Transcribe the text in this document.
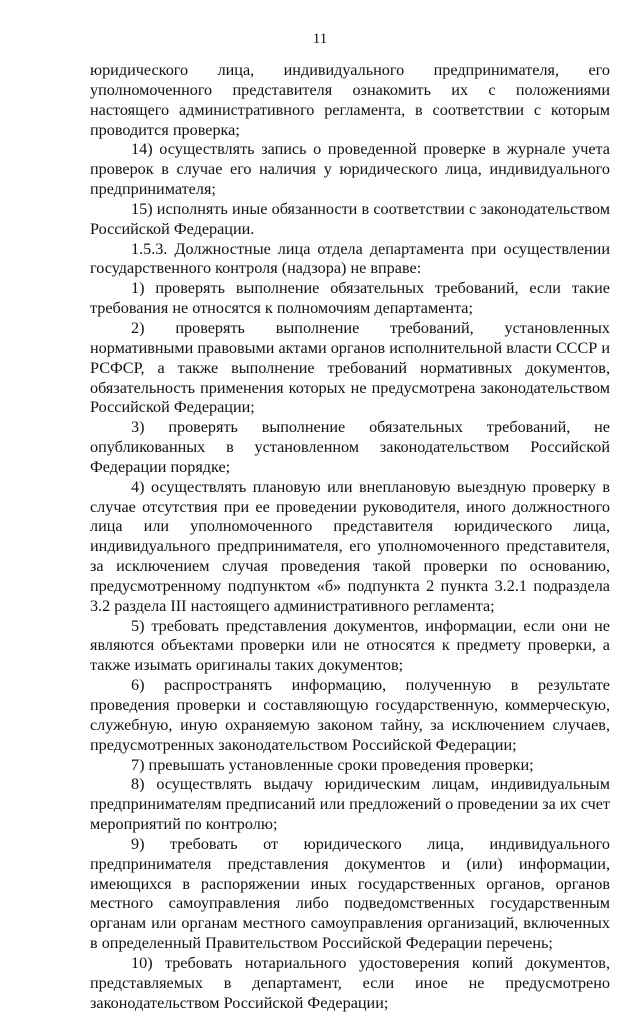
11

юридического лица, индивидуального предпринимателя, его уполномоченного представителя ознакомить их с положениями настоящего административного регламента, в соответствии с которым проводится проверка;

14) осуществлять запись о проведенной проверке в журнале учета проверок в случае его наличия у юридического лица, индивидуального предпринимателя;

15) исполнять иные обязанности в соответствии с законодательством Российской Федерации.

1.5.3. Должностные лица отдела департамента при осуществлении государственного контроля (надзора) не вправе:

1) проверять выполнение обязательных требований, если такие требования не относятся к полномочиям департамента;

2) проверять выполнение требований, установленных нормативными правовыми актами органов исполнительной власти СССР и РСФСР, а также выполнение требований нормативных документов, обязательность применения которых не предусмотрена законодательством Российской Федерации;

3) проверять выполнение обязательных требований, не опубликованных в установленном законодательством Российской Федерации порядке;

4) осуществлять плановую или внеплановую выездную проверку в случае отсутствия при ее проведении руководителя, иного должностного лица или уполномоченного представителя юридического лица, индивидуального предпринимателя, его уполномоченного представителя, за исключением случая проведения такой проверки по основанию, предусмотренному подпунктом «б» подпункта 2 пункта 3.2.1 подраздела 3.2 раздела III настоящего административного регламента;

5) требовать представления документов, информации, если они не являются объектами проверки или не относятся к предмету проверки, а также изымать оригиналы таких документов;

6) распространять информацию, полученную в результате проведения проверки и составляющую государственную, коммерческую, служебную, иную охраняемую законом тайну, за исключением случаев, предусмотренных законодательством Российской Федерации;

7) превышать установленные сроки проведения проверки;

8) осуществлять выдачу юридическим лицам, индивидуальным предпринимателям предписаний или предложений о проведении за их счет мероприятий по контролю;

9) требовать от юридического лица, индивидуального предпринимателя представления документов и (или) информации, имеющихся в распоряжении иных государственных органов, органов местного самоуправления либо подведомственных государственным органам или органам местного самоуправления организаций, включенных в определенный Правительством Российской Федерации перечень;

10) требовать нотариального удостоверения копий документов, представляемых в департамент, если иное не предусмотрено законодательством Российской Федерации;
